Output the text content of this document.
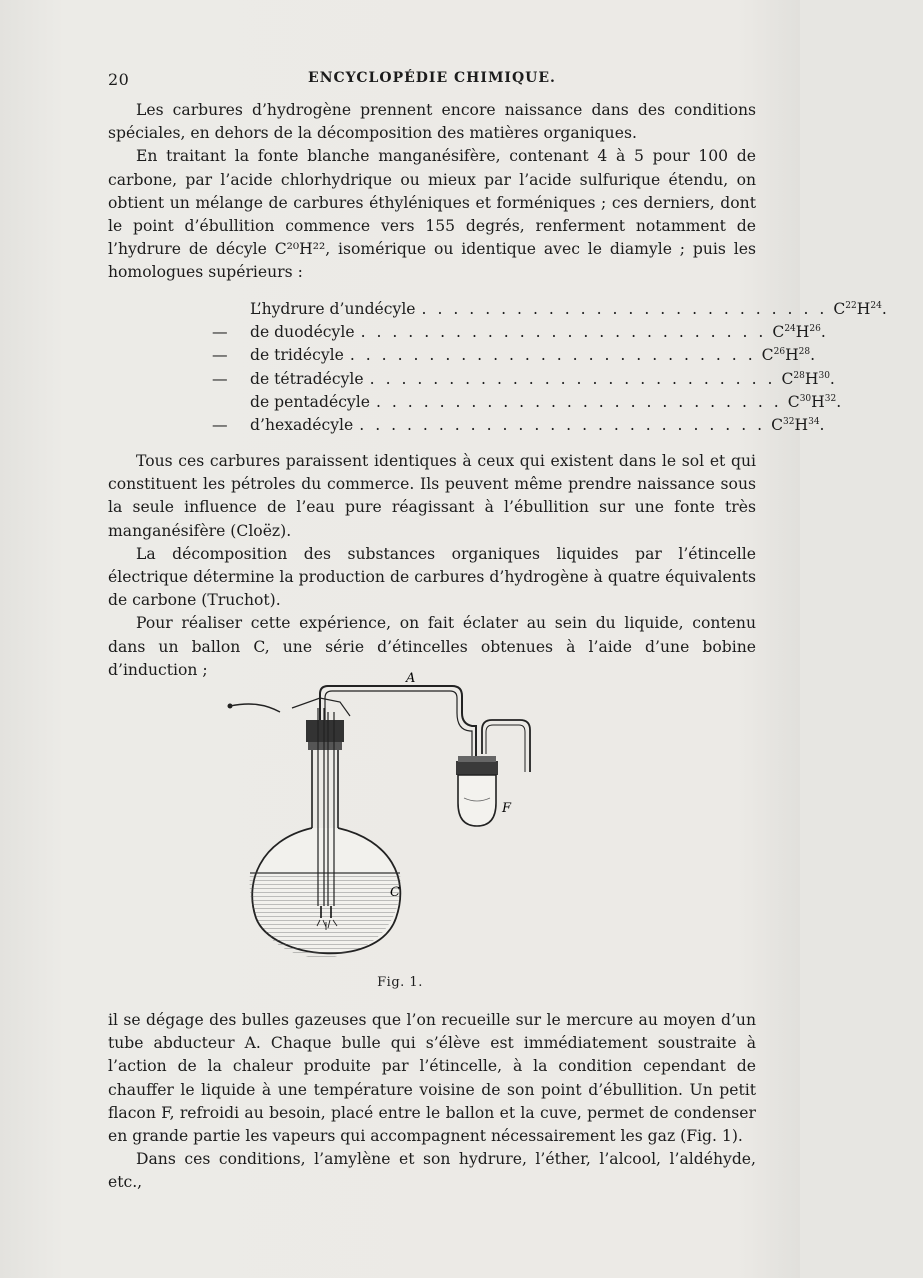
20	ENCYCLOPÉDIE CHIMIQUE.

Les carbures d’hydrogène prennent encore naissance dans des conditions spéciales, en dehors de la décomposition des matières organiques.

En traitant la fonte blanche manganésifère, contenant 4 à 5 pour 100 de carbone, par l’acide chlorhydrique ou mieux par l’acide sulfurique étendu, on obtient un mélange de carbures éthyléniques et forméniques ; ces derniers, dont le point d’ébullition commence vers 155 degrés, renferment notamment de l’hydrure de décyle C²⁰H²², isomérique ou identique avec le diamyle ; puis les homologues supérieurs :

L’hydrure d’undécyle . . . . . . . . . . . . . . . . . . . . . . . . . . $C^{22}H^{24}$.
—	de duodécyle . . . . . . . . . . . . . . . . . . . . . . . . . . $C^{24}H^{26}$.
—	de tridécyle . . . . . . . . . . . . . . . . . . . . . . . . . . $C^{26}H^{28}$.
—	de tétradécyle . . . . . . . . . . . . . . . . . . . . . . . . . . $C^{28}H^{30}$.
de pentadécyle . . . . . . . . . . . . . . . . . . . . . . . . . . $C^{30}H^{32}$.
—	d’hexadécyle . . . . . . . . . . . . . . . . . . . . . . . . . . $C^{32}H^{34}$.

Tous ces carbures paraissent identiques à ceux qui existent dans le sol et qui constituent les pétroles du commerce. Ils peuvent même prendre naissance sous la seule influence de l’eau pure réagissant à l’ébullition sur une fonte très manganésifère (Cloëz).

La décomposition des substances organiques liquides par l’étincelle électrique détermine la production de carbures d’hydrogène à quatre équivalents de carbone (Truchot).

Pour réaliser cette expérience, on fait éclater au sein du liquide, contenu dans un ballon C, une série d’étincelles obtenues à l’aide d’une bobine d’induction ;	A
C
F
Fig. 1.

il se dégage des bulles gazeuses que l’on recueille sur le mercure au moyen d’un tube abducteur A. Chaque bulle qui s’élève est immédiatement soustraite à l’action de la chaleur produite par l’étincelle, à la condition cependant de chauffer le liquide à une température voisine de son point d’ébullition. Un petit flacon F, refroidi au besoin, placé entre le ballon et la cuve, permet de condenser en grande partie les vapeurs qui accompagnent nécessairement les gaz (Fig. 1).

Dans ces conditions, l’amylène et son hydrure, l’éther, l’alcool, l’aldéhyde, etc.,
